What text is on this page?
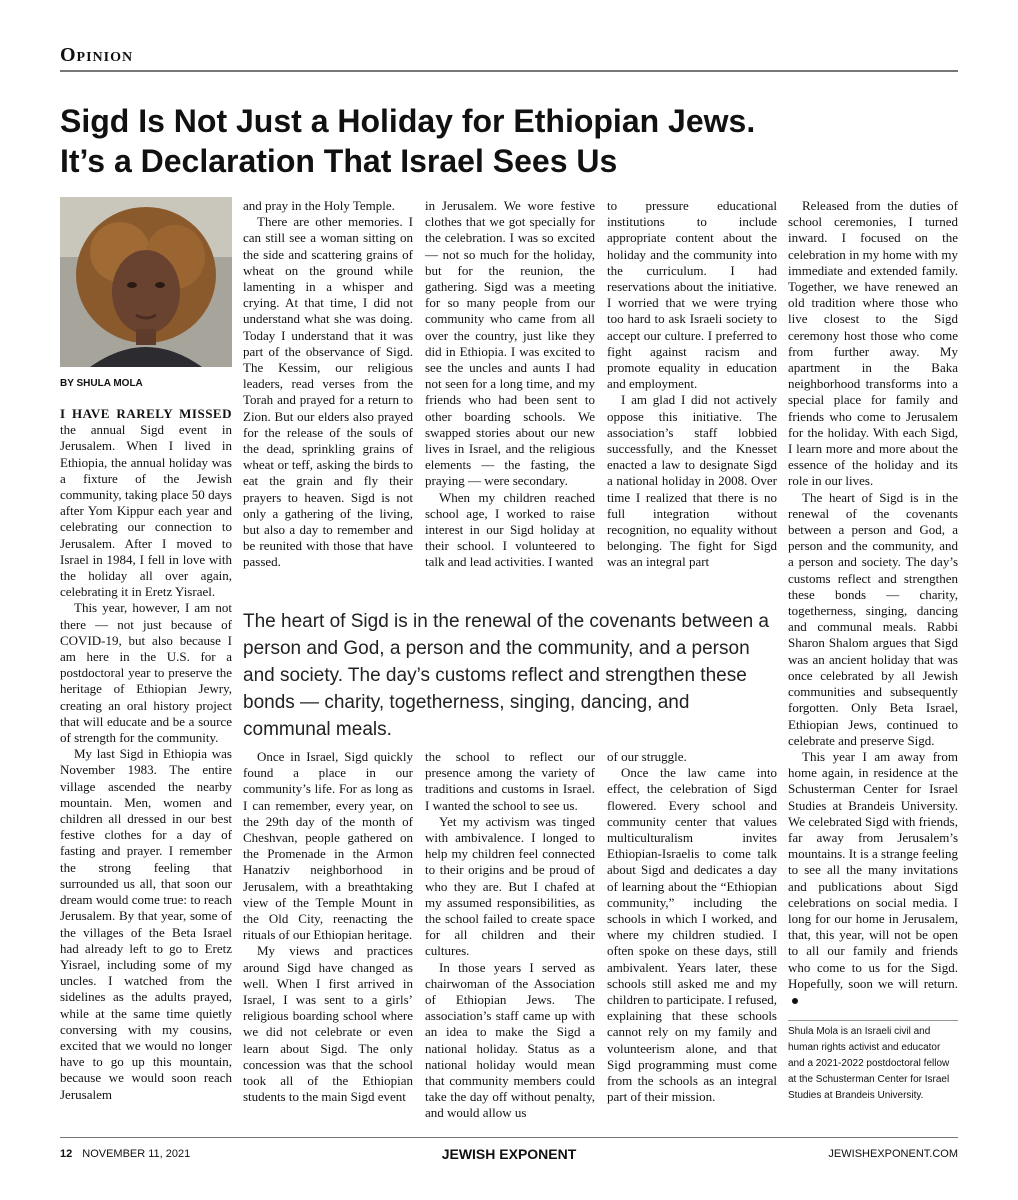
Opinion
Sigd Is Not Just a Holiday for Ethiopian Jews.
It’s a Declaration That Israel Sees Us
BY SHULA MOLA

I HAVE RARELY MISSED the annual Sigd event in Jerusalem. When I lived in Ethiopia, the annual holiday was a fixture of the Jewish community, taking place 50 days after Yom Kippur each year and celebrating our connection to Jerusalem. After I moved to Israel in 1984, I fell in love with the holiday all over again, celebrating it in Eretz Yisrael.

This year, however, I am not there — not just because of COVID-19, but also because I am here in the U.S. for a postdoctoral year to preserve the heritage of Ethiopian Jewry, creating an oral history project that will educate and be a source of strength for the community.

My last Sigd in Ethiopia was November 1983. The entire village ascended the nearby mountain. Men, women and children all dressed in our best festive clothes for a day of fasting and prayer. I remember the strong feeling that surrounded us all, that soon our dream would come true: to reach Jerusalem. By that year, some of the villages of the Beta Israel had already left to go to Eretz Yisrael, including some of my uncles. I watched from the sidelines as the adults prayed, while at the same time quietly conversing with my cousins, excited that we would no longer have to go up this mountain, because we would soon reach Jerusalem

and pray in the Holy Temple.

There are other memories. I can still see a woman sitting on the side and scattering grains of wheat on the ground while lamenting in a whisper and crying. At that time, I did not understand what she was doing. Today I understand that it was part of the observance of Sigd. The Kessim, our religious leaders, read verses from the Torah and prayed for a return to Zion. But our elders also prayed for the release of the souls of the dead, sprinkling grains of wheat or teff, asking the birds to eat the grain and fly their prayers to heaven. Sigd is not only a gathering of the living, but also a day to remember and be reunited with those that have passed.

in Jerusalem. We wore festive clothes that we got specially for the celebration. I was so excited — not so much for the holiday, but for the reunion, the gathering. Sigd was a meeting for so many people from our community who came from all over the country, just like they did in Ethiopia. I was excited to see the uncles and aunts I had not seen for a long time, and my friends who had been sent to other boarding schools. We swapped stories about our new lives in Israel, and the religious elements — the fasting, the praying — were secondary.

When my children reached school age, I worked to raise interest in our Sigd holiday at their school. I volunteered to talk and lead activities. I wanted

to pressure educational institutions to include appropriate content about the holiday and the community into the curriculum. I had reservations about the initiative. I worried that we were trying too hard to ask Israeli society to accept our culture. I preferred to fight against racism and promote equality in education and employment.

I am glad I did not actively oppose this initiative. The association’s staff lobbied successfully, and the Knesset enacted a law to designate Sigd a national holiday in 2008. Over time I realized that there is no full integration without recognition, no equality without belonging. The fight for Sigd was an integral part

Released from the duties of school ceremonies, I turned inward. I focused on the celebration in my home with my immediate and extended family. Together, we have renewed an old tradition where those who live closest to the Sigd ceremony host those who come from further away. My apartment in the Baka neighborhood transforms into a special place for family and friends who come to Jerusalem for the holiday. With each Sigd, I learn more and more about the essence of the holiday and its role in our lives.

The heart of Sigd is in the renewal of the covenants between a person and God, a person and the community, and a person and society. The day’s customs reflect and strengthen these bonds — charity, togetherness, singing, dancing and communal meals. Rabbi Sharon Shalom argues that Sigd was an ancient holiday that was once celebrated by all Jewish communities and subsequently forgotten. Only Beta Israel, Ethiopian Jews, continued to celebrate and preserve Sigd.

This year I am away from home again, in residence at the Schusterman Center for Israel Studies at Brandeis University. We celebrated Sigd with friends, far away from Jerusalem’s mountains. It is a strange feeling to see all the many invitations and publications about Sigd celebrations on social media. I long for our home in Jerusalem, that, this year, will not be open to all our family and friends who come to us for the Sigd. Hopefully, soon we will return.

The heart of Sigd is in the renewal of the covenants between a person and God, a person and the community, and a person and society. The day’s customs reflect and strengthen these bonds — charity, togetherness, singing, dancing, and communal meals.

Once in Israel, Sigd quickly found a place in our community’s life. For as long as I can remember, every year, on the 29th day of the month of Cheshvan, people gathered on the Promenade in the Armon Hanatziv neighborhood in Jerusalem, with a breathtaking view of the Temple Mount in the Old City, reenacting the rituals of our Ethiopian heritage.

My views and practices around Sigd have changed as well. When I first arrived in Israel, I was sent to a girls’ religious boarding school where we did not celebrate or even learn about Sigd. The only concession was that the school took all of the Ethiopian students to the main Sigd event

the school to reflect our presence among the variety of traditions and customs in Israel. I wanted the school to see us.

Yet my activism was tinged with ambivalence. I longed to help my children feel connected to their origins and be proud of who they are. But I chafed at my assumed responsibilities, as the school failed to create space for all children and their cultures.

In those years I served as chairwoman of the Association of Ethiopian Jews. The association’s staff came up with an idea to make the Sigd a national holiday. Status as a national holiday would mean that community members could take the day off without penalty, and would allow us

of our struggle.

Once the law came into effect, the celebration of Sigd flowered. Every school and community center that values multiculturalism invites Ethiopian-Israelis to come talk about Sigd and dedicates a day of learning about the “Ethiopian community,” including the schools in which I worked, and where my children studied. I often spoke on these days, still ambivalent. Years later, these schools still asked me and my children to participate. I refused, explaining that these schools cannot rely on my family and volunteerism alone, and that Sigd programming must come from the schools as an integral part of their mission.

Shula Mola is an Israeli civil and human rights activist and educator and a 2021-2022 postdoctoral fellow at the Schusterman Center for Israel Studies at Brandeis University.
12 NOVEMBER 11, 2021	JEWISH EXPONENT	JEWISHEXPONENT.COM
